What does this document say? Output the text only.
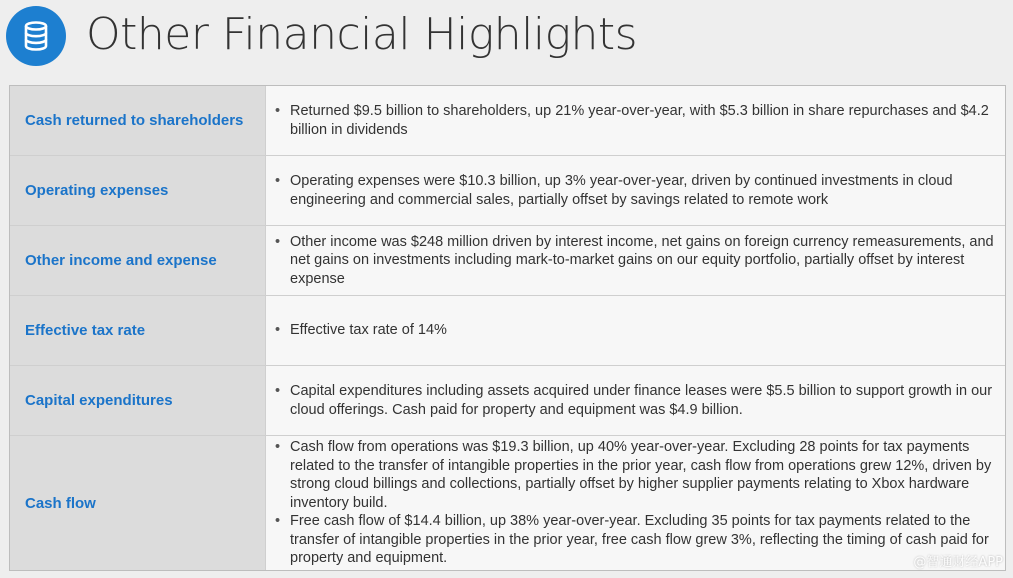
Other Financial Highlights
Cash returned to shareholders
• Returned $9.5 billion to shareholders, up 21% year-over-year, with $5.3 billion in share repurchases and $4.2 billion in dividends
Operating expenses
• Operating expenses were $10.3 billion, up 3% year-over-year, driven by continued investments in cloud engineering and commercial sales, partially offset by savings related to remote work
Other income and expense
• Other income was $248 million driven by interest income, net gains on foreign currency remeasurements, and net gains on investments including mark-to-market gains on our equity portfolio, partially offset by interest expense
Effective tax rate	• Effective tax rate of 14%
Capital expenditures
• Capital expenditures including assets acquired under finance leases were $5.5 billion to support growth in our cloud offerings. Cash paid for property and equipment was $4.9 billion.
Cash flow
• Cash flow from operations was $19.3 billion, up 40% year-over-year. Excluding 28 points for tax payments related to the transfer of intangible properties in the prior year, cash flow from operations grew 12%, driven by strong cloud billings and collections, partially offset by higher supplier payments relating to Xbox hardware inventory build.
• Free cash flow of $14.4 billion, up 38% year-over-year. Excluding 35 points for tax payments related to the transfer of intangible properties in the prior year, free cash flow grew 3%, reflecting the timing of cash paid for property and equipment.	@智通财经APP
